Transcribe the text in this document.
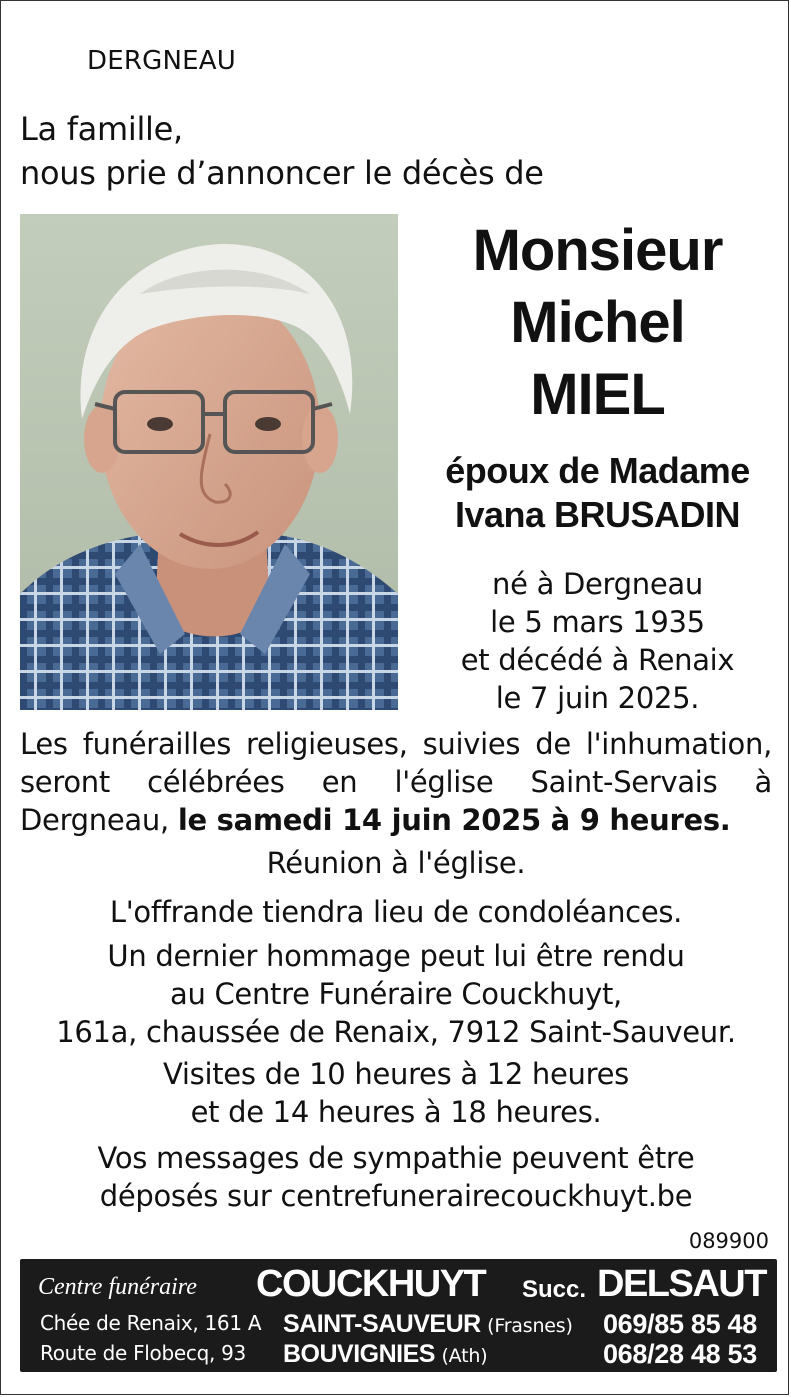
DERGNEAU
La famille,
nous prie d’annoncer le décès de
Monsieur
Michel
MIEL
époux de Madame
Ivana BRUSADIN
né à Dergneau
le 5 mars 1935
et décédé à Renaix
le 7 juin 2025.
Les funérailles religieuses, suivies de l'inhumation, seront célébrées en l'église Saint-Servais à Dergneau, le samedi 14 juin 2025 à 9 heures.
Réunion à l'église.
L'offrande tiendra lieu de condoléances.
Un dernier hommage peut lui être rendu
au Centre Funéraire Couckhuyt,
161a, chaussée de Renaix, 7912 Saint-Sauveur.
Visites de 10 heures à 12 heures
et de 14 heures à 18 heures.
Vos messages de sympathie peuvent être
déposés sur centrefunerairecouckhuyt.be
089900
Centre funéraire COUCKHUYT Succ. DELSAUT
Chée de Renaix, 161 A SAINT-SAUVEUR (Frasnes) 069/85 85 48
Route de Flobecq, 93 BOUVIGNIES (Ath)	068/28 48 53
